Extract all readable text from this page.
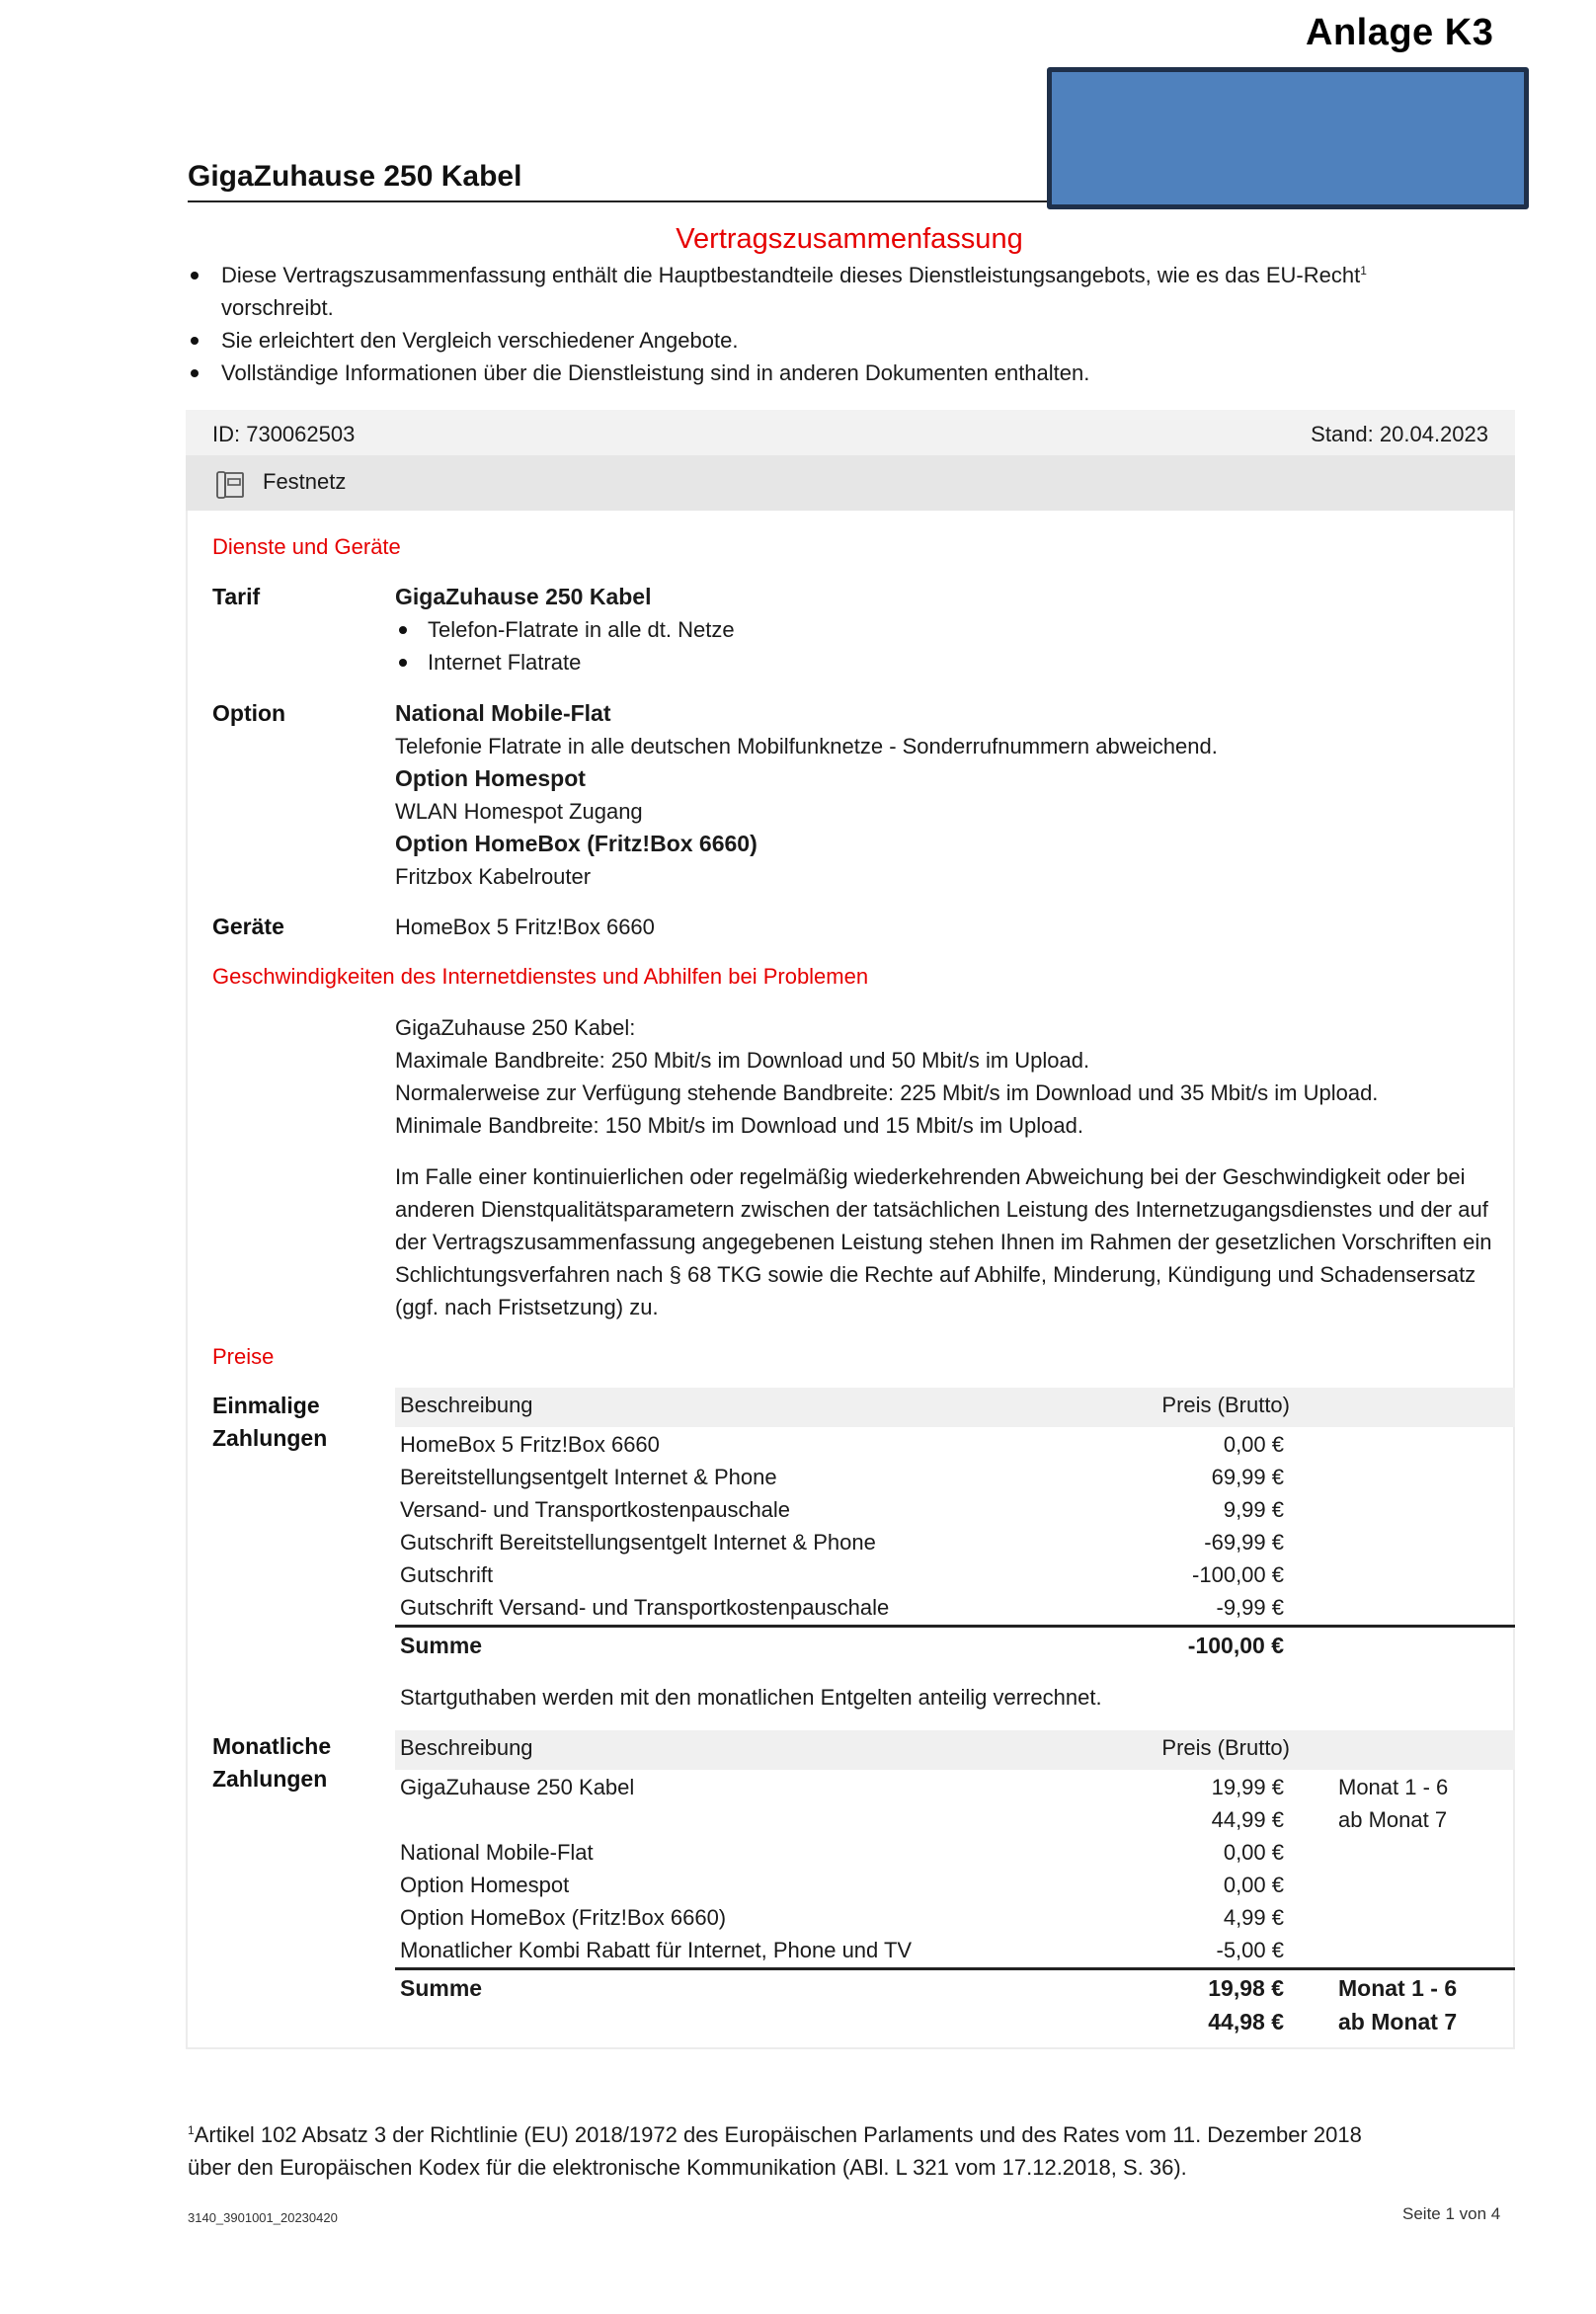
Anlage K3
GigaZuhause 250 Kabel
Vertragszusammenfassung
Diese Vertragszusammenfassung enthält die Hauptbestandteile dieses Dienstleistungsangebots, wie es das EU-Recht$^1$
vorschreibt.
Sie erleichtert den Vergleich verschiedener Angebote.
Vollständige Informationen über die Dienstleistung sind in anderen Dokumenten enthalten.
ID: 730062503	Stand: 20.04.2023
Festnetz
Dienste und Geräte
Tarif	GigaZuhause 250 Kabel
Telefon-Flatrate in alle dt. Netze
Internet Flatrate
Option	National Mobile-Flat
Telefonie Flatrate in alle deutschen Mobilfunknetze - Sonderrufnummern abweichend.
Option Homespot
WLAN Homespot Zugang
Option HomeBox (Fritz!Box 6660)
Fritzbox Kabelrouter
Geräte	HomeBox 5 Fritz!Box 6660
Geschwindigkeiten des Internetdienstes und Abhilfen bei Problemen
GigaZuhause 250 Kabel:
Maximale Bandbreite: 250 Mbit/s im Download und 50 Mbit/s im Upload.
Normalerweise zur Verfügung stehende Bandbreite: 225 Mbit/s im Download und 35 Mbit/s im Upload.
Minimale Bandbreite: 150 Mbit/s im Download und 15 Mbit/s im Upload.
Im Falle einer kontinuierlichen oder regelmäßig wiederkehrenden Abweichung bei der Geschwindigkeit oder bei anderen Dienstqualitätsparametern zwischen der tatsächlichen Leistung des Internetzugangsdienstes und der auf der Vertragszusammenfassung angegebenen Leistung stehen Ihnen im Rahmen der gesetzlichen Vorschriften ein Schlichtungsverfahren nach § 68 TKG sowie die Rechte auf Abhilfe, Minderung, Kündigung und Schadensersatz (ggf. nach Fristsetzung) zu.
Preise
Einmalige
Zahlungen
Beschreibung	Preis (Brutto)
HomeBox 5 Fritz!Box 6660	0,00 €
Bereitstellungsentgelt Internet & Phone	69,99 €
Versand- und Transportkostenpauschale	9,99 €
Gutschrift Bereitstellungsentgelt Internet & Phone	-69,99 €
Gutschrift	-100,00 €
Gutschrift Versand- und Transportkostenpauschale	-9,99 €
Summe	-100,00 €
Startguthaben werden mit den monatlichen Entgelten anteilig verrechnet.
Monatliche
Zahlungen
Beschreibung	Preis (Brutto)
GigaZuhause 250 Kabel	19,99 €	Monat 1 - 6
44,99 €	ab Monat 7
National Mobile-Flat	0,00 €
Option Homespot	0,00 €
Option HomeBox (Fritz!Box 6660)	4,99 €
Monatlicher Kombi Rabatt für Internet, Phone und TV	-5,00 €
Summe	19,98 € Monat 1 - 6
44,98 € ab Monat 7
$^1$Artikel 102 Absatz 3 der Richtlinie (EU) 2018/1972 des Europäischen Parlaments und des Rates vom 11. Dezember 2018
über den Europäischen Kodex für die elektronische Kommunikation (ABl. L 321 vom 17.12.2018, S. 36).
3140_3901001_20230420	Seite 1 von 4
